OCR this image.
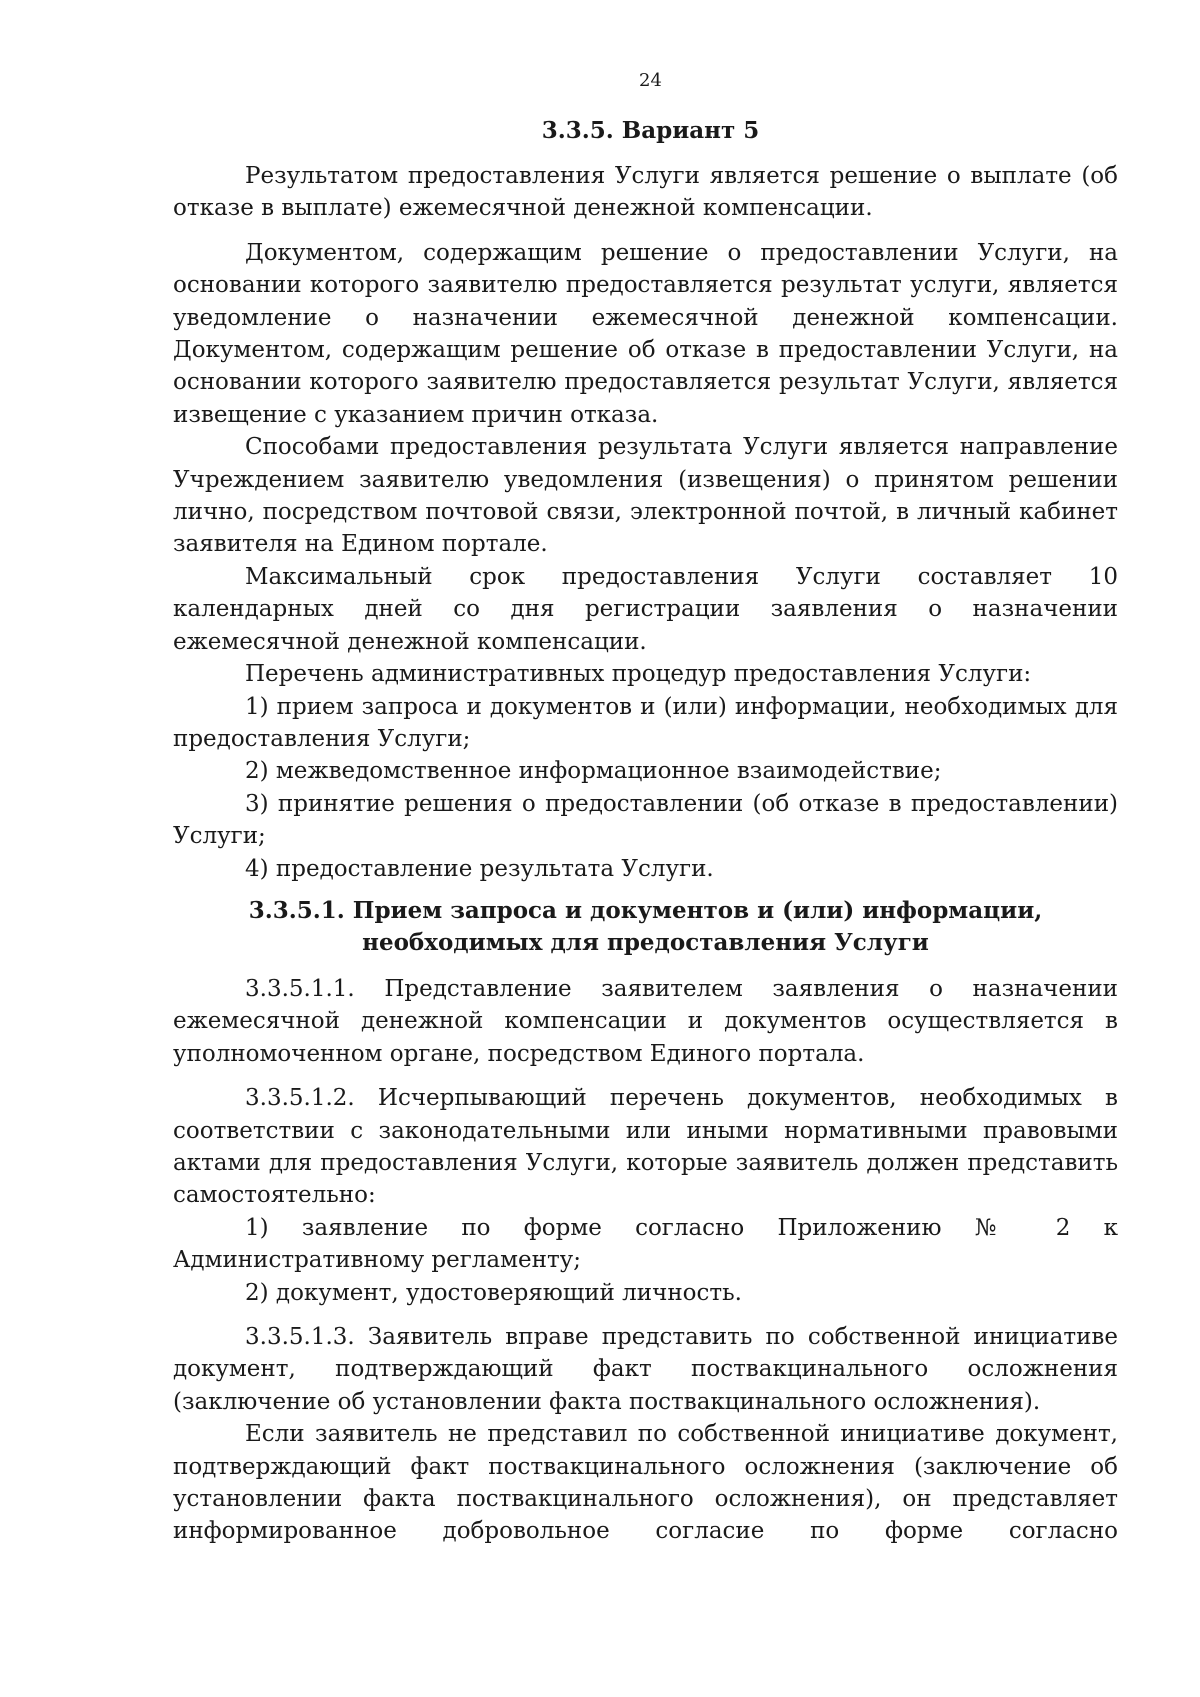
24
3.3.5. Вариант 5

Результатом предоставления Услуги является решение о выплате (об отказе в выплате) ежемесячной денежной компенсации.

Документом, содержащим решение о предоставлении Услуги, на основании которого заявителю предоставляется результат услуги, является уведомление о назначении ежемесячной денежной компенсации. Документом, содержащим решение об отказе в предоставлении Услуги, на основании которого заявителю предоставляется результат Услуги, является извещение с указанием причин отказа.

Способами предоставления результата Услуги является направление Учреждением заявителю уведомления (извещения) о принятом решении лично, посредством почтовой связи, электронной почтой, в личный кабинет заявителя на Едином портале.

Максимальный срок предоставления Услуги составляет 10 календарных дней со дня регистрации заявления о назначении ежемесячной денежной компенсации.

Перечень административных процедур предоставления Услуги:

1) прием запроса и документов и (или) информации, необходимых для предоставления Услуги;

2) межведомственное информационное взаимодействие;

3) принятие решения о предоставлении (об отказе в предоставлении) Услуги;

4) предоставление результата Услуги.

3.3.5.1. Прием запроса и документов и (или) информации, необходимых для предоставления Услуги

3.3.5.1.1. Представление заявителем заявления о назначении ежемесячной денежной компенсации и документов осуществляется в уполномоченном органе, посредством Единого портала.

3.3.5.1.2. Исчерпывающий перечень документов, необходимых в соответствии с законодательными или иными нормативными правовыми актами для предоставления Услуги, которые заявитель должен представить самостоятельно:

1) заявление по форме согласно Приложению № 2 к Административному регламенту;

2) документ, удостоверяющий личность.

3.3.5.1.3. Заявитель вправе представить по собственной инициативе документ, подтверждающий факт поствакцинального осложнения (заключение об установлении факта поствакцинального осложнения).

Если заявитель не представил по собственной инициативе документ, подтверждающий факт поствакцинального осложнения (заключение об установлении факта поствакцинального осложнения), он представляет информированное добровольное согласие по форме согласно
